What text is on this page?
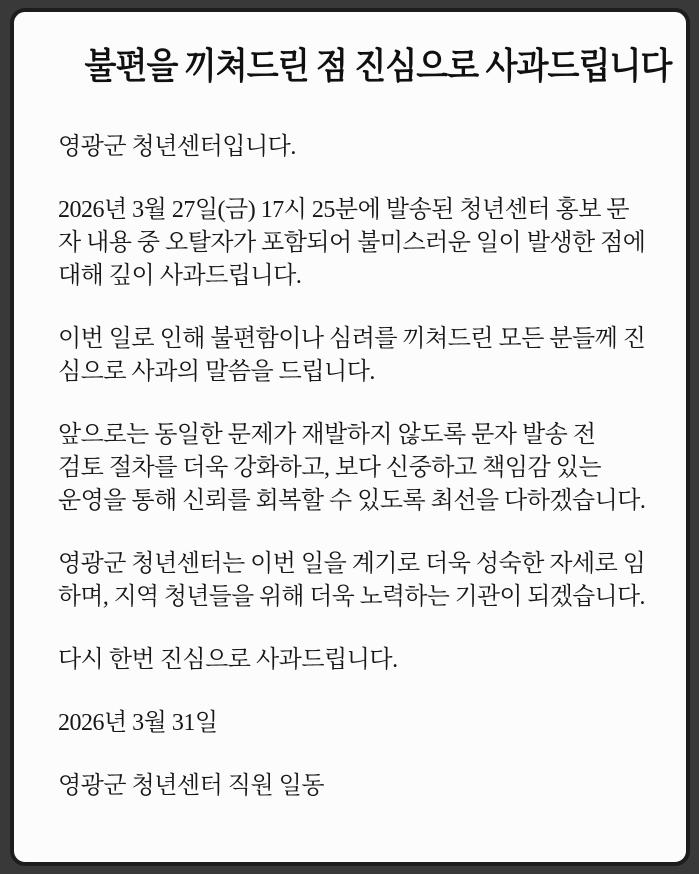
불편을 끼쳐드린 점 진심으로 사과드립니다

영광군 청년센터입니다.

2026년 3월 27일(금) 17시 25분에 발송된 청년센터 홍보 문
자 내용 중 오탈자가 포함되어 불미스러운 일이 발생한 점에
대해 깊이 사과드립니다.

이번 일로 인해 불편함이나 심려를 끼쳐드린 모든 분들께 진
심으로 사과의 말씀을 드립니다.

앞으로는 동일한 문제가 재발하지 않도록 문자 발송 전
검토 절차를 더욱 강화하고, 보다 신중하고 책임감 있는
운영을 통해 신뢰를 회복할 수 있도록 최선을 다하겠습니다.

영광군 청년센터는 이번 일을 계기로 더욱 성숙한 자세로 임
하며, 지역 청년들을 위해 더욱 노력하는 기관이 되겠습니다.

다시 한번 진심으로 사과드립니다.

2026년 3월 31일

영광군 청년센터 직원 일동
